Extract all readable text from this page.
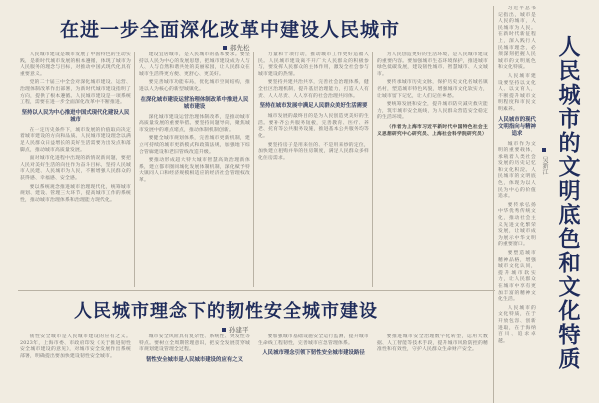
在进一步全面深化改革中建设人民城市
郝先松

人民城市建设是城市发展了中国特色的生动实践，是新时代城市发展的根本遵循，体现了城市为人民服务的理念与目标，对推动中国式现代化具有重要意义。

党的二十届三中全会对深化城市建设、运营、治理体制改革作出部署，为新时代城市建设指明了方向，提供了根本遵循。人民城市建设是一项系统工程，需要在进一步全面深化改革中不断推进。

坚持以人民为中心推进中国式现代化建设人民城市

在一定历史条件下，城市发展的价值取向决定着城市建设的方向和品质。人民城市建设理念以满足人民群众日益增长的美好生活需要为出发点和落脚点，推动城市高质量发展。

面对城市化进程中出现的新情况新问题，要把人民对美好生活的向往作为奋斗目标，坚持人民城市人民建、人民城市为人民，不断增强人民群众的获得感、幸福感、安全感。

要以系统观念推进城市治理现代化，统筹城市规划、建设、管理三大环节，提高城市工作的系统性，推动城市治理体系和治理能力现代化。

建设宜居城市，是人民城市的基本要求。要坚持以人民为中心的发展思想，把城市建设成为人与人、人与自然和谐共处的美丽家园，让人民群众在城市生活得更方便、更舒心、更美好。

要完善城市功能布局，优化城市空间结构，推进以人为核心的新型城镇化。

在深化城市建设运营治理体制改革中推进人民城市建设

深化城市建设运营治理体制改革，是推动城市高质量发展的重要举措。要坚持问题导向，聚焦城市发展中的难点堵点，推动体制机制创新。

要健全城市规划体系，完善城市更新机制，建立可持续的城市更新模式和政策法规，加强地下综合管廊建设和老旧管线改造升级。

要推动形成超大特大城市智慧高效治理新体系，建立都市圈同城化发展体制机制，深化赋予特大镇同人口和经济规模相适应的经济社会管理权改革。

力量和十项行动，推动城市工作更好造福人民。人民城市建设离不开广大人民群众的积极参与，要发挥人民群众的主体作用，激发全社会参与城市建设的热情。

要坚持共建共治共享，完善社会治理体系，健全社区治理机制，提升基层治理能力，打造人人有责、人人尽责、人人享有的社会治理共同体。

坚持在城市发展中满足人民群众美好生活需要

城市发展的最终目的是为人民创造更美好的生活。要补齐公共服务短板，完善教育、医疗、养老、托育等公共服务设施，推进基本公共服务均等化。

要坚持房子是用来住的、不是用来炒的定位，加快建立租购并举的住房制度，满足人民群众多样化住房需求。

为人民创造更好的生活环境，是人民城市建设的重要内容。要加强城市生态环境保护，推进城市绿色低碳发展，建设韧性城市、智慧城市、人文城市。

要传承城市历史文脉，保护历史文化名城名镇名村，塑造城市特色风貌，增强城市文化软实力，让城市留下记忆，让人们记住乡愁。

要统筹发展和安全，提升城市防灾减灾救灾能力，筑牢城市安全底线，为人民群众营造安全稳定的生活环境。

（作者为上海市习近平新时代中国特色社会主义思想研究中心研究员、上海社会科学院研究员）

人民城市理念下的韧性安全城市建设
孙建平

韧性安全城市是人民城市建设的应有之义。2023年，上海市委、市政府印发《关于推进韧性安全城市建设的意见》，对城市安全发展作出系统部署，明确提出要加快建设韧性安全城市。

城市安全风险具有复杂性、系统性、突发性等特点。要树立全周期管理意识，把安全发展贯穿城市规划建设管理全过程。

韧性安全城市是人民城市建设的应有之义

要加强城市基础设施安全运行监测，提升城市生命线工程韧性，完善城市应急管理体系。

人民城市理念引领下韧性安全城市建设路径

要推进城市安全治理数字化转型，运用大数据、人工智能等技术手段，提升城市风险防控的精准性和有效性，守护人民群众生命财产安全。

习近平总书记指出，城市是人民的城市，人民城市为人民。在新时代新征程上，深入践行人民城市理念，必须深刻把握人民城市的文明底色和文化特质。

人民城市建设要坚持以文化人、以文育人，不断提升城市文明程度和市民文明素养。

人民城市的现代文明指向与精神追求

城市作为文明的重要载体，承载着人类社会发展的历史记忆和文化积淀。人民城市的文明底色，体现为以人民为中心的价值追求。

要传承弘扬中华优秀传统文化，推动社会主义先进文化繁荣发展，让城市成为展示中华文明的重要窗口。

要塑造城市精神品格，增强城市文化认同，提升城市软实力，让人民群众在城市中享有更加丰富的精神文化生活。

人民城市的文化特质，在于开放包容、创新进取，在于海纳百川、追求卓越。

吴新江 人民城市的文明底色和文化特质
